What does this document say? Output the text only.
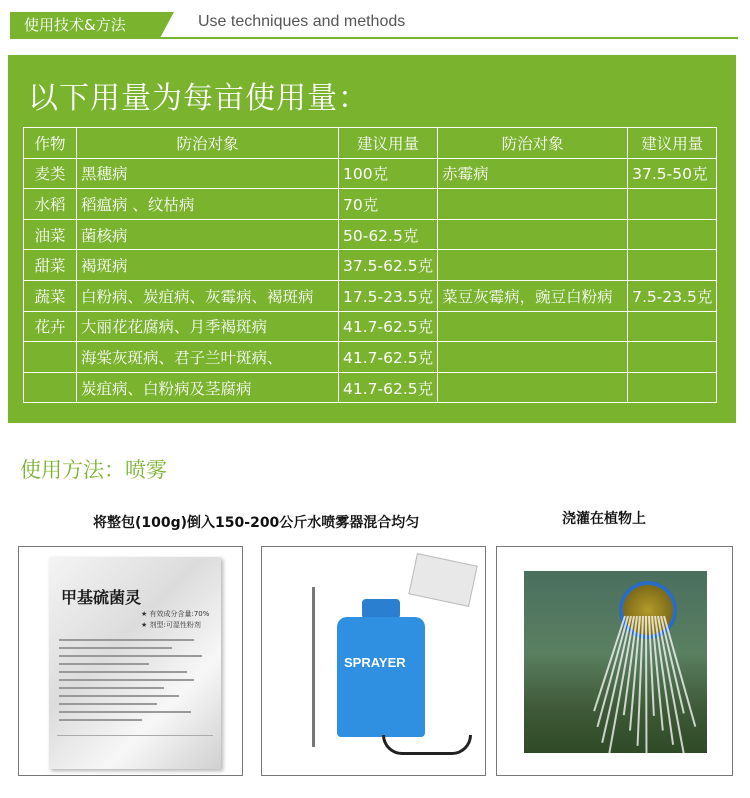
使用技术&方法	Use techniques and methods
以下用量为每亩使用量：
作物	防治对象	建议用量	防治对象	建议用量
麦类	黑穗病	100克	赤霉病	37.5-50克
水稻	稻瘟病 、纹枯病	70克		
油菜	菌核病	50-62.5克		
甜菜	褐斑病	37.5-62.5克		
蔬菜	白粉病、炭疽病、灰霉病、褐斑病	17.5-23.5克	菜豆灰霉病，豌豆白粉病	7.5-23.5克
花卉	大丽花花腐病、月季褐斑病	41.7-62.5克		
	海棠灰斑病、君子兰叶斑病、	41.7-62.5克		
	炭疽病、白粉病及茎腐病	41.7-62.5克		
使用方法：喷雾
将整包(100g)倒入150-200公斤水喷雾器混合均匀	浇灌在植物上
甲基硫菌灵
★ 有效成分含量:70%
★ 剂型:可湿性粉剂
SPRAYER
